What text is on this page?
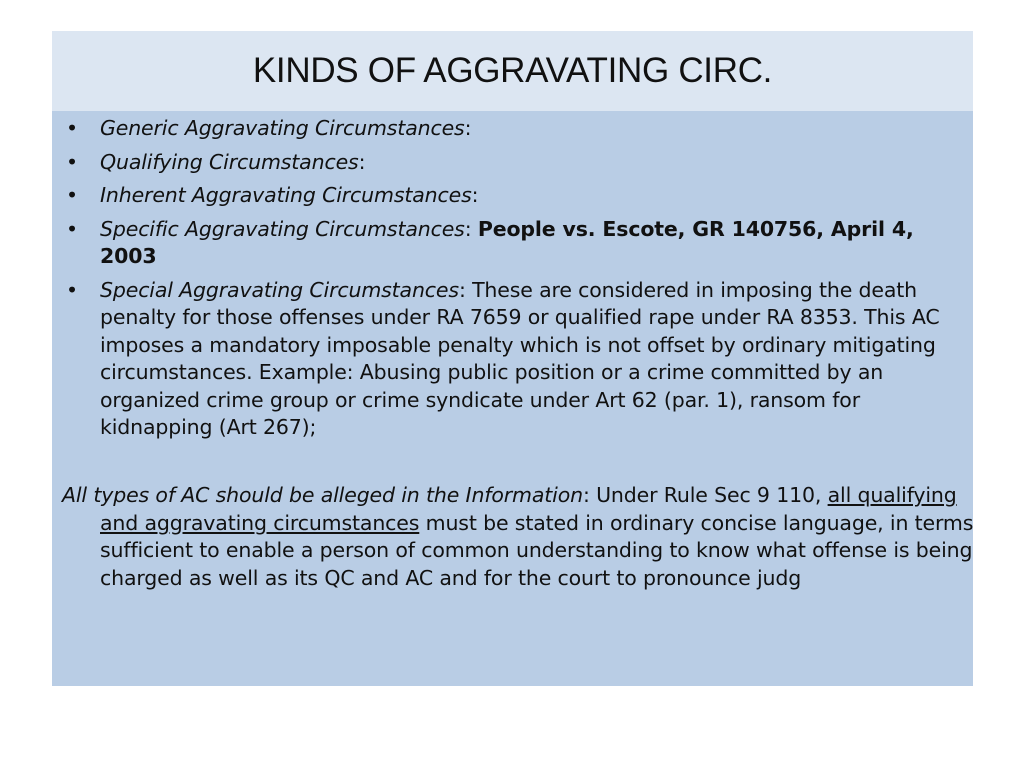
KINDS OF AGGRAVATING CIRC.
• Generic Aggravating Circumstances:
• Qualifying Circumstances:
• Inherent Aggravating Circumstances:
• Specific Aggravating Circumstances: People vs. Escote, GR 140756, April 4, 2003
• Special Aggravating Circumstances: These are considered in imposing the death penalty for those offenses under RA 7659 or qualified rape under RA 8353. This AC imposes a mandatory imposable penalty which is not offset by ordinary mitigating circumstances. Example: Abusing public position or a crime committed by an organized crime group or crime syndicate under Art 62 (par. 1), ransom for kidnapping (Art 267);

All types of AC should be alleged in the Information: Under Rule Sec 9 110, all qualifying and aggravating circumstances must be stated in ordinary concise language, in terms sufficient to enable a person of common understanding to know what offense is being charged as well as its QC and AC and for the court to pronounce judg
